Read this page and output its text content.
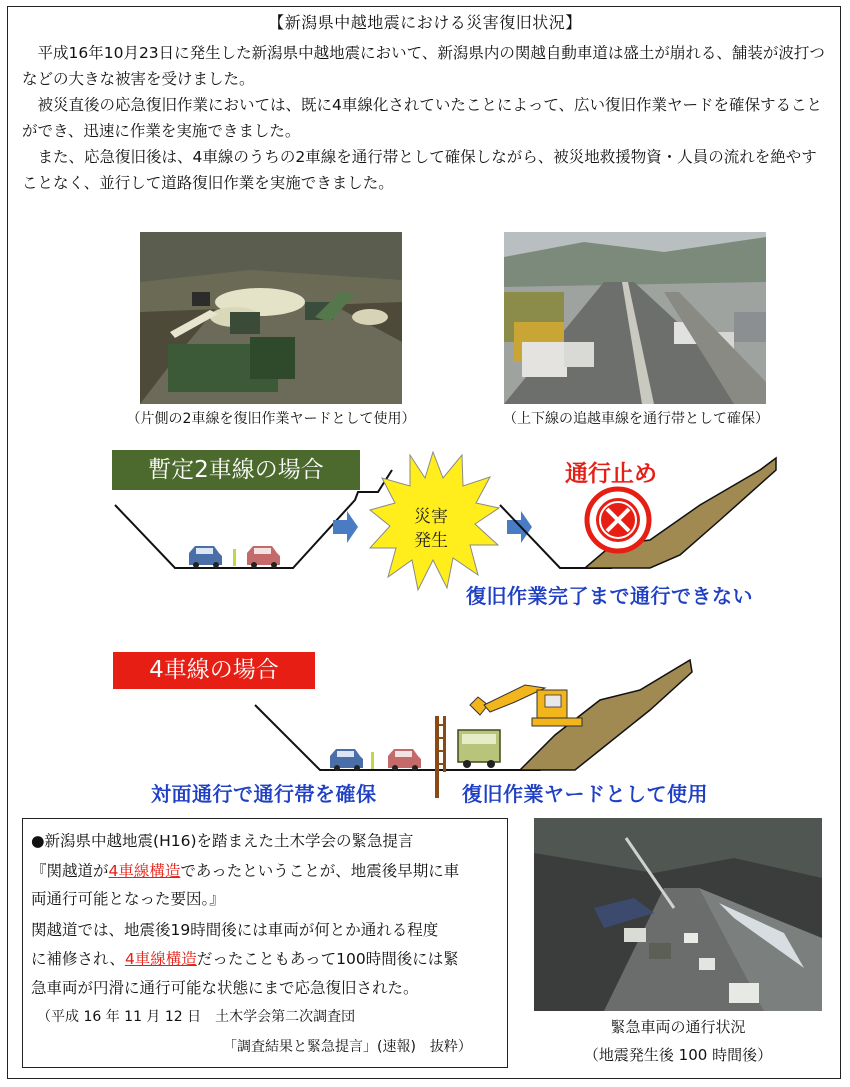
【新潟県中越地震における災害復旧状況】

平成16年10月23日に発生した新潟県中越地震において、新潟県内の関越自動車道は盛土が崩れる、舗装が波打つなどの大きな被害を受けました。

被災直後の応急復旧作業においては、既に4車線化されていたことによって、広い復旧作業ヤードを確保することができ、迅速に作業を実施できました。

また、応急復旧後は、4車線のうちの2車線を通行帯として確保しながら、被災地救援物資・人員の流れを絶やすことなく、並行して道路復旧作業を実施できました。

（片側の2車線を復旧作業ヤードとして使用）	（上下線の追越車線を通行帯として確保）
暫定2車線の場合
4車線の場合
災害
発生
通行止め
復旧作業完了まで通行できない
対面通行で通行帯を確保	復旧作業ヤードとして使用
●新潟県中越地震(H16)を踏まえた土木学会の緊急提言
『関越道が4車線構造であったということが、地震後早期に車
両通行可能となった要因。』
関越道では、地震後19時間後には車両が何とか通れる程度
に補修され、4車線構造だったこともあって100時間後には緊
急車両が円滑に通行可能な状態にまで応急復旧された。
（平成 16 年 11 月 12 日　土木学会第二次調査団
「調査結果と緊急提言」(速報)　抜粋）
緊急車両の通行状況
（地震発生後 100 時間後）
